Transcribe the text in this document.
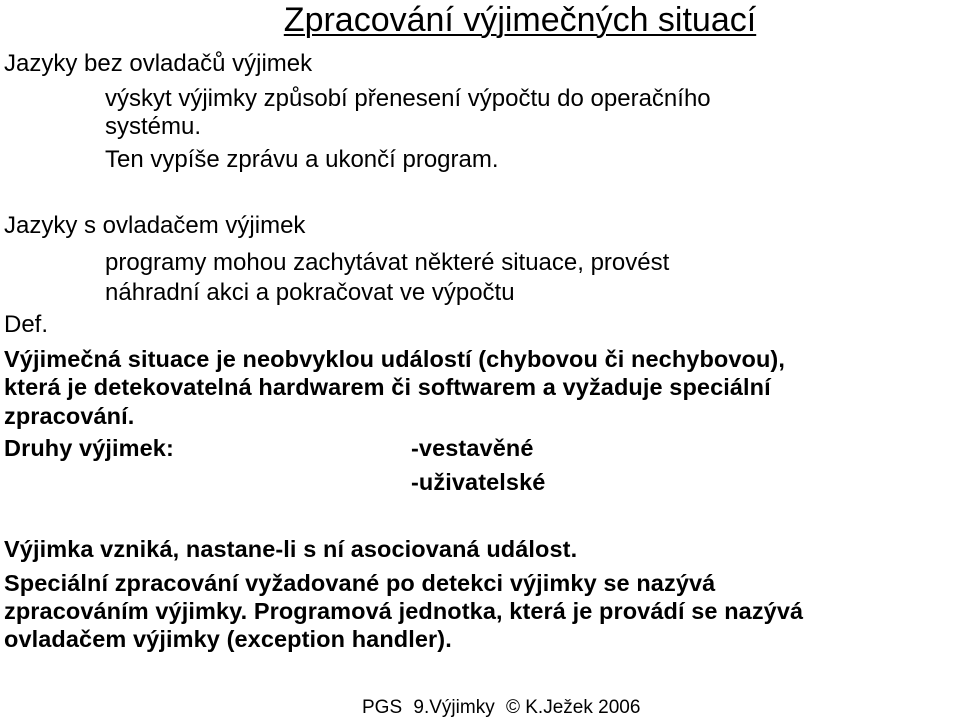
Zpracování výjimečných situací
Jazyky bez ovladačů výjimek
výskyt výjimky způsobí přenesení výpočtu do operačního
systému.
Ten vypíše zprávu a ukončí program.
Jazyky s ovladačem výjimek
programy mohou zachytávat některé situace, provést
náhradní akci a pokračovat ve výpočtu
Def.
Výjimečná situace je neobvyklou událostí (chybovou či nechybovou),
která je detekovatelná hardwarem či softwarem a vyžaduje speciální
zpracování.
Druhy výjimek:	-vestavěné
-uživatelské
Výjimka vzniká, nastane-li s ní asociovaná událost.
Speciální zpracování vyžadované po detekci výjimky se nazývá
zpracováním výjimky. Programová jednotka, která je provádí se nazývá
ovladačem výjimky (exception handler).
PGS 9.Výjimky © K.Ježek 2006
